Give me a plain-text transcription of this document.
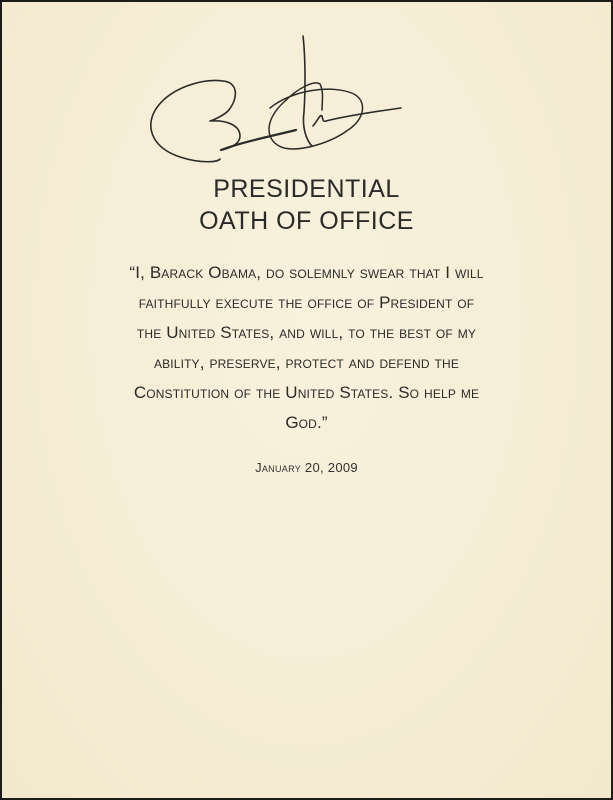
PRESIDENTIAL
OATH OF OFFICE
“I, Barack Obama, do solemnly swear that I will
faithfully execute the office of President of
the United States, and will, to the best of my
ability, preserve, protect and defend the
Constitution of the United States. So help me
God.”
January 20, 2009
